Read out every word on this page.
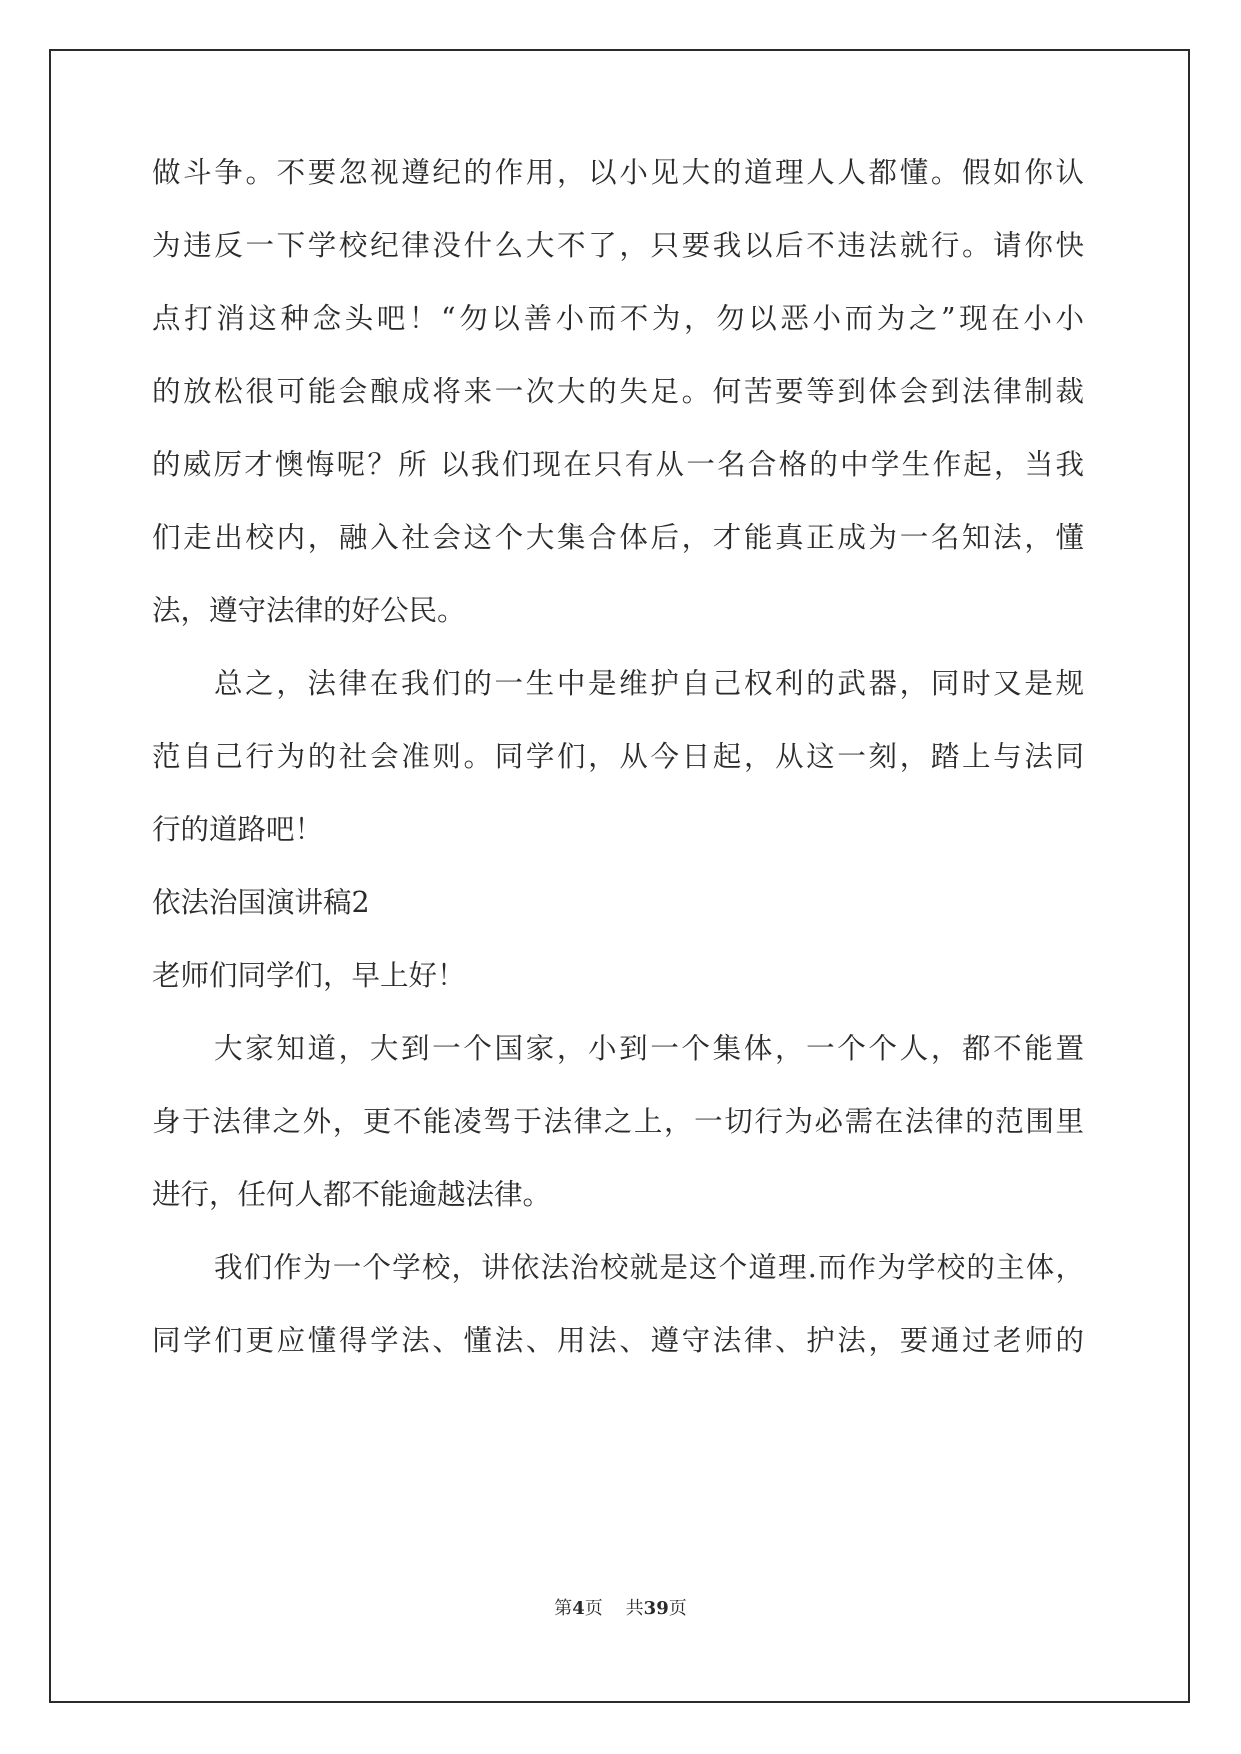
做斗争。不要忽视遵纪的作用，以小见大的道理人人都懂。假如你认
为违反一下学校纪律没什么大不了，只要我以后不违法就行。请你快
点打消这种念头吧！“勿以善小而不为，勿以恶小而为之”现在小小
的放松很可能会酿成将来一次大的失足。何苦要等到体会到法律制裁
的威厉才懊悔呢？所 以我们现在只有从一名合格的中学生作起，当我
们走出校内，融入社会这个大集合体后，才能真正成为一名知法，懂
法，遵守法律的好公民。
总之，法律在我们的一生中是维护自己权利的武器，同时又是规
范自己行为的社会准则。同学们，从今日起，从这一刻，踏上与法同
行的道路吧！
依法治国演讲稿2
老师们同学们，早上好！
大家知道，大到一个国家，小到一个集体，一个个人，都不能置
身于法律之外，更不能凌驾于法律之上，一切行为必需在法律的范围里
进行，任何人都不能逾越法律。
我们作为一个学校，讲依法治校就是这个道理.而作为学校的主体，
同学们更应懂得学法、懂法、用法、遵守法律、护法，要通过老师的
第4页 共39页
